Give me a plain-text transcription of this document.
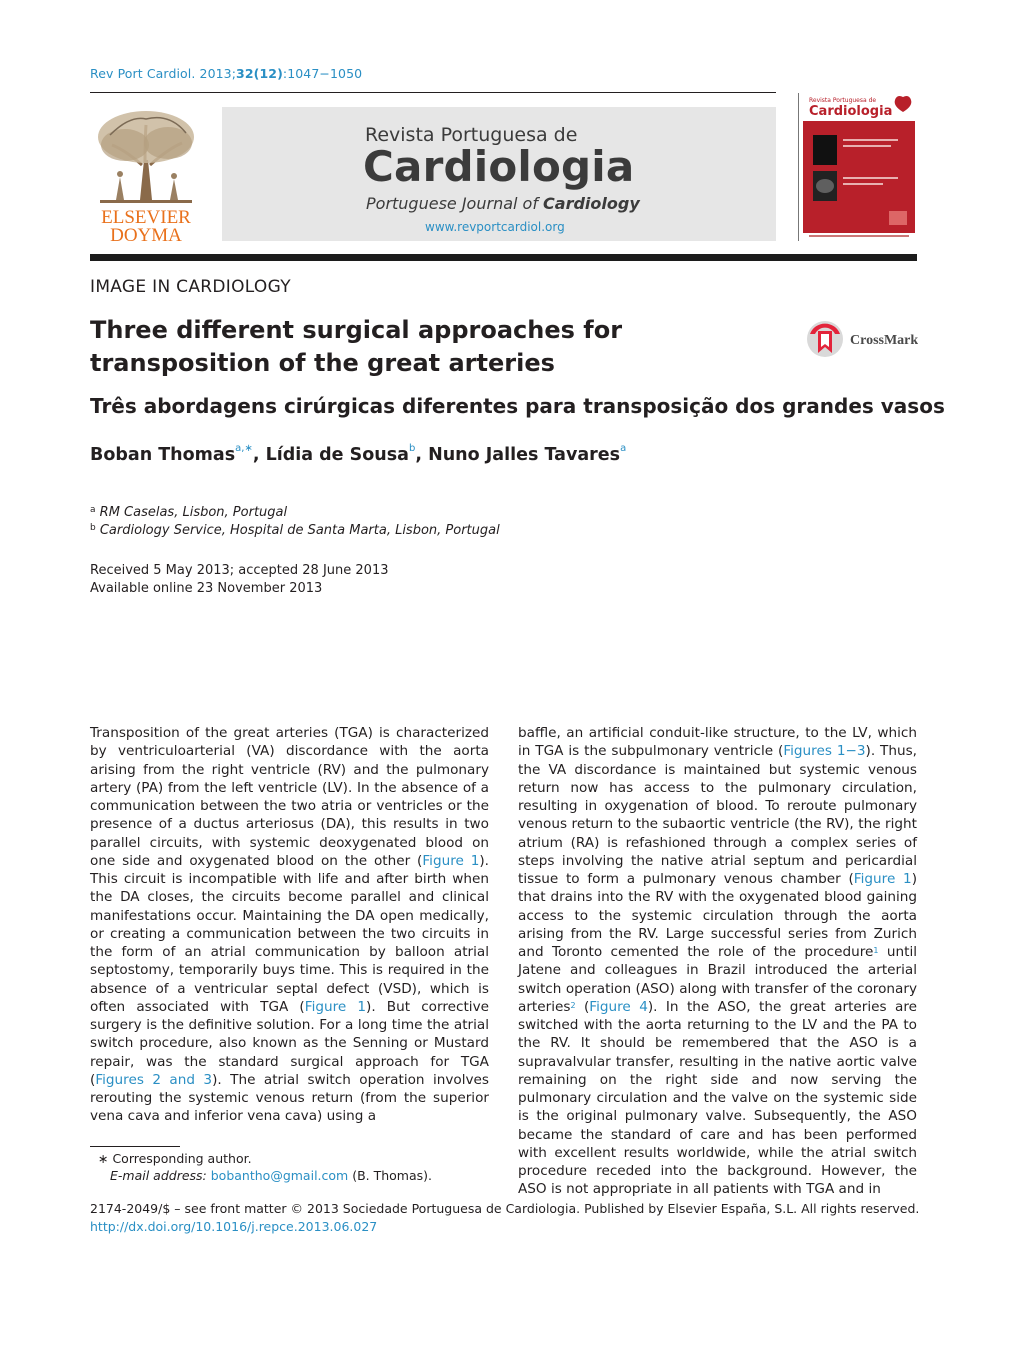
Rev Port Cardiol. 2013;32(12):1047−1050
ELSEVIER
DOYMA
Revista Portuguesa de
Cardiologia
Portuguese Journal of Cardiology
www.revportcardiol.org
Revista Portuguesa de
Cardiologia
IMAGE IN CARDIOLOGY
Three different surgical approaches for transposition of the great arteries
CrossMark
Três abordagens cirúrgicas diferentes para transposição dos grandes vasos
Boban Thomas$^{a,∗}$, Lídia de Sousa$^b$, Nuno Jalles Tavares$^a$
$^a$ RM Caselas, Lisbon, Portugal
$^b$ Cardiology Service, Hospital de Santa Marta, Lisbon, Portugal
Received 5 May 2013; accepted 28 June 2013
Available online 23 November 2013
Transposition of the great arteries (TGA) is characterized by ventriculoarterial (VA) discordance with the aorta arising from the right ventricle (RV) and the pulmonary artery (PA) from the left ventricle (LV). In the absence of a communication between the two atria or ventricles or the presence of a ductus arteriosus (DA), this results in two parallel circuits, with systemic deoxygenated blood on one side and oxygenated blood on the other (Figure 1). This circuit is incompatible with life and after birth when the DA closes, the circuits become parallel and clinical manifestations occur. Maintaining the DA open medically, or creating a communication between the two circuits in the form of an atrial communication by balloon atrial septostomy, temporarily buys time. This is required in the absence of a ventricular septal defect (VSD), which is often associated with TGA (Figure 1). But corrective surgery is the definitive solution. For a long time the atrial switch procedure, also known as the Senning or Mustard repair, was the standard surgical approach for TGA (Figures 2 and 3). The atrial switch operation involves rerouting the systemic venous return (from the superior vena cava and inferior vena cava) using a
baffle, an artificial conduit-like structure, to the LV, which in TGA is the subpulmonary ventricle (Figures 1−3). Thus, the VA discordance is maintained but systemic venous return now has access to the pulmonary circulation, resulting in oxygenation of blood. To reroute pulmonary venous return to the subaortic ventricle (the RV), the right atrium (RA) is refashioned through a complex series of steps involving the native atrial septum and pericardial tissue to form a pulmonary venous chamber (Figure 1) that drains into the RV with the oxygenated blood gaining access to the systemic circulation through the aorta arising from the RV. Large successful series from Zurich and Toronto cemented the role of the procedure$^1$ until Jatene and colleagues in Brazil introduced the arterial switch operation (ASO) along with transfer of the coronary arteries$^2$ (Figure 4). In the ASO, the great arteries are switched with the aorta returning to the LV and the PA to the RV. It should be remembered that the ASO is a supravalvular transfer, resulting in the native aortic valve remaining on the right side and now serving the pulmonary circulation and the valve on the systemic side is the original pulmonary valve. Subsequently, the ASO became the standard of care and has been performed with excellent results worldwide, while the atrial switch procedure receded into the background. However, the ASO is not appropriate in all patients with TGA and in
∗ Corresponding author.
E-mail address: bobantho@gmail.com (B. Thomas).
2174-2049/$ – see front matter © 2013 Sociedade Portuguesa de Cardiologia. Published by Elsevier España, S.L. All rights reserved.
http://dx.doi.org/10.1016/j.repce.2013.06.027
